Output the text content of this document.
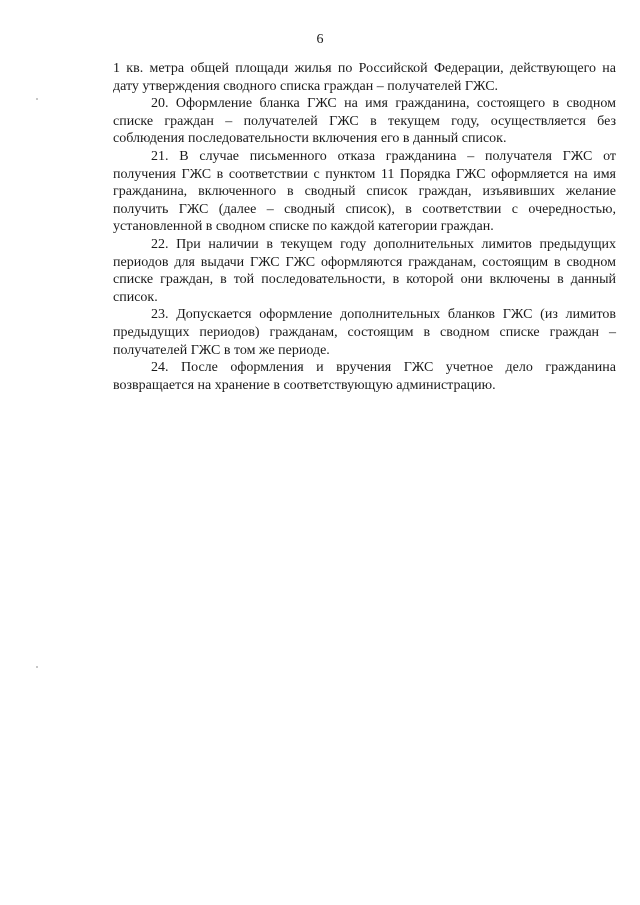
6

1 кв. метра общей площади жилья по Российской Федерации, действующего на дату утверждения сводного списка граждан – получателей ГЖС.

20. Оформление бланка ГЖС на имя гражданина, состоящего в сводном списке граждан – получателей ГЖС в текущем году, осуществляется без соблюдения последовательности включения его в данный список.

21. В случае письменного отказа гражданина – получателя ГЖС от получения ГЖС в соответствии с пунктом 11 Порядка ГЖС оформляется на имя гражданина, включенного в сводный список граждан, изъявивших желание получить ГЖС (далее – сводный список), в соответствии с очередностью, установленной в сводном списке по каждой категории граждан.

22. При наличии в текущем году дополнительных лимитов предыдущих периодов для выдачи ГЖС ГЖС оформляются гражданам, состоящим в сводном списке граждан, в той последовательности, в которой они включены в данный список.

23. Допускается оформление дополнительных бланков ГЖС (из лимитов предыдущих периодов) гражданам, состоящим в сводном списке граждан – получателей ГЖС в том же периоде.

24. После оформления и вручения ГЖС учетное дело гражданина возвращается на хранение в соответствующую администрацию.
